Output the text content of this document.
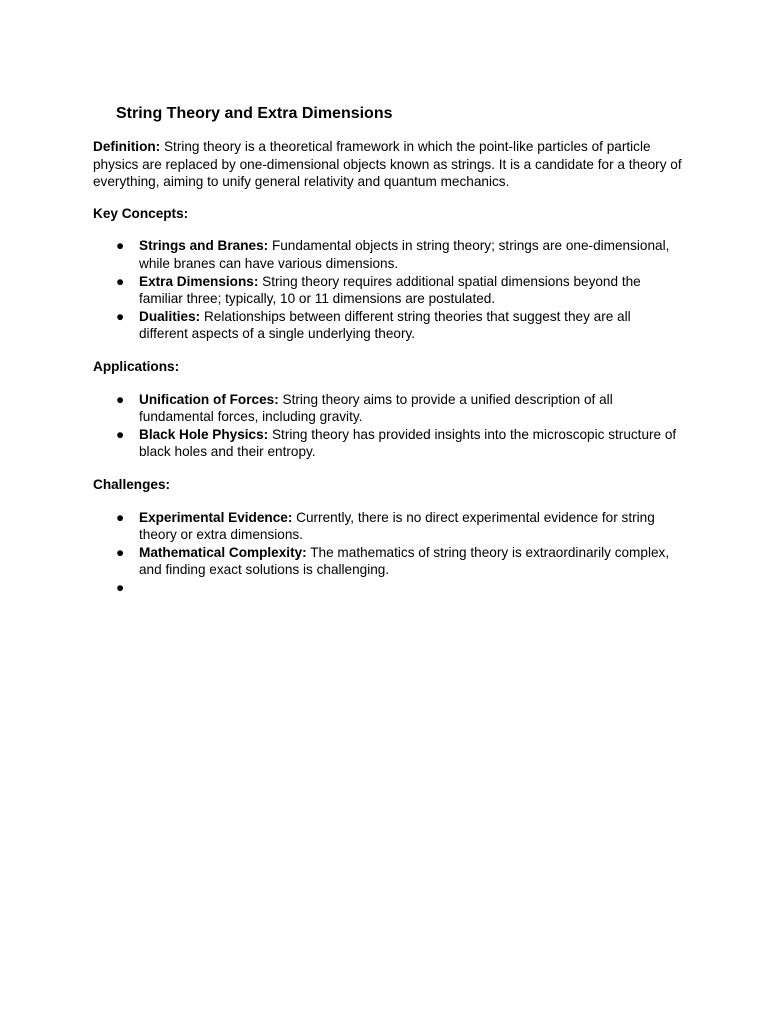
String Theory and Extra Dimensions

Definition: String theory is a theoretical framework in which the point-like particles of particle physics are replaced by one-dimensional objects known as strings. It is a candidate for a theory of everything, aiming to unify general relativity and quantum mechanics.

Key Concepts:

● Strings and Branes: Fundamental objects in string theory; strings are one-dimensional, while branes can have various dimensions.
● Extra Dimensions: String theory requires additional spatial dimensions beyond the familiar three; typically, 10 or 11 dimensions are postulated.
● Dualities: Relationships between different string theories that suggest they are all different aspects of a single underlying theory.

Applications:

● Unification of Forces: String theory aims to provide a unified description of all fundamental forces, including gravity.
● Black Hole Physics: String theory has provided insights into the microscopic structure of black holes and their entropy.

Challenges:

● Experimental Evidence: Currently, there is no direct experimental evidence for string theory or extra dimensions.
● Mathematical Complexity: The mathematics of string theory is extraordinarily complex, and finding exact solutions is challenging.
●
